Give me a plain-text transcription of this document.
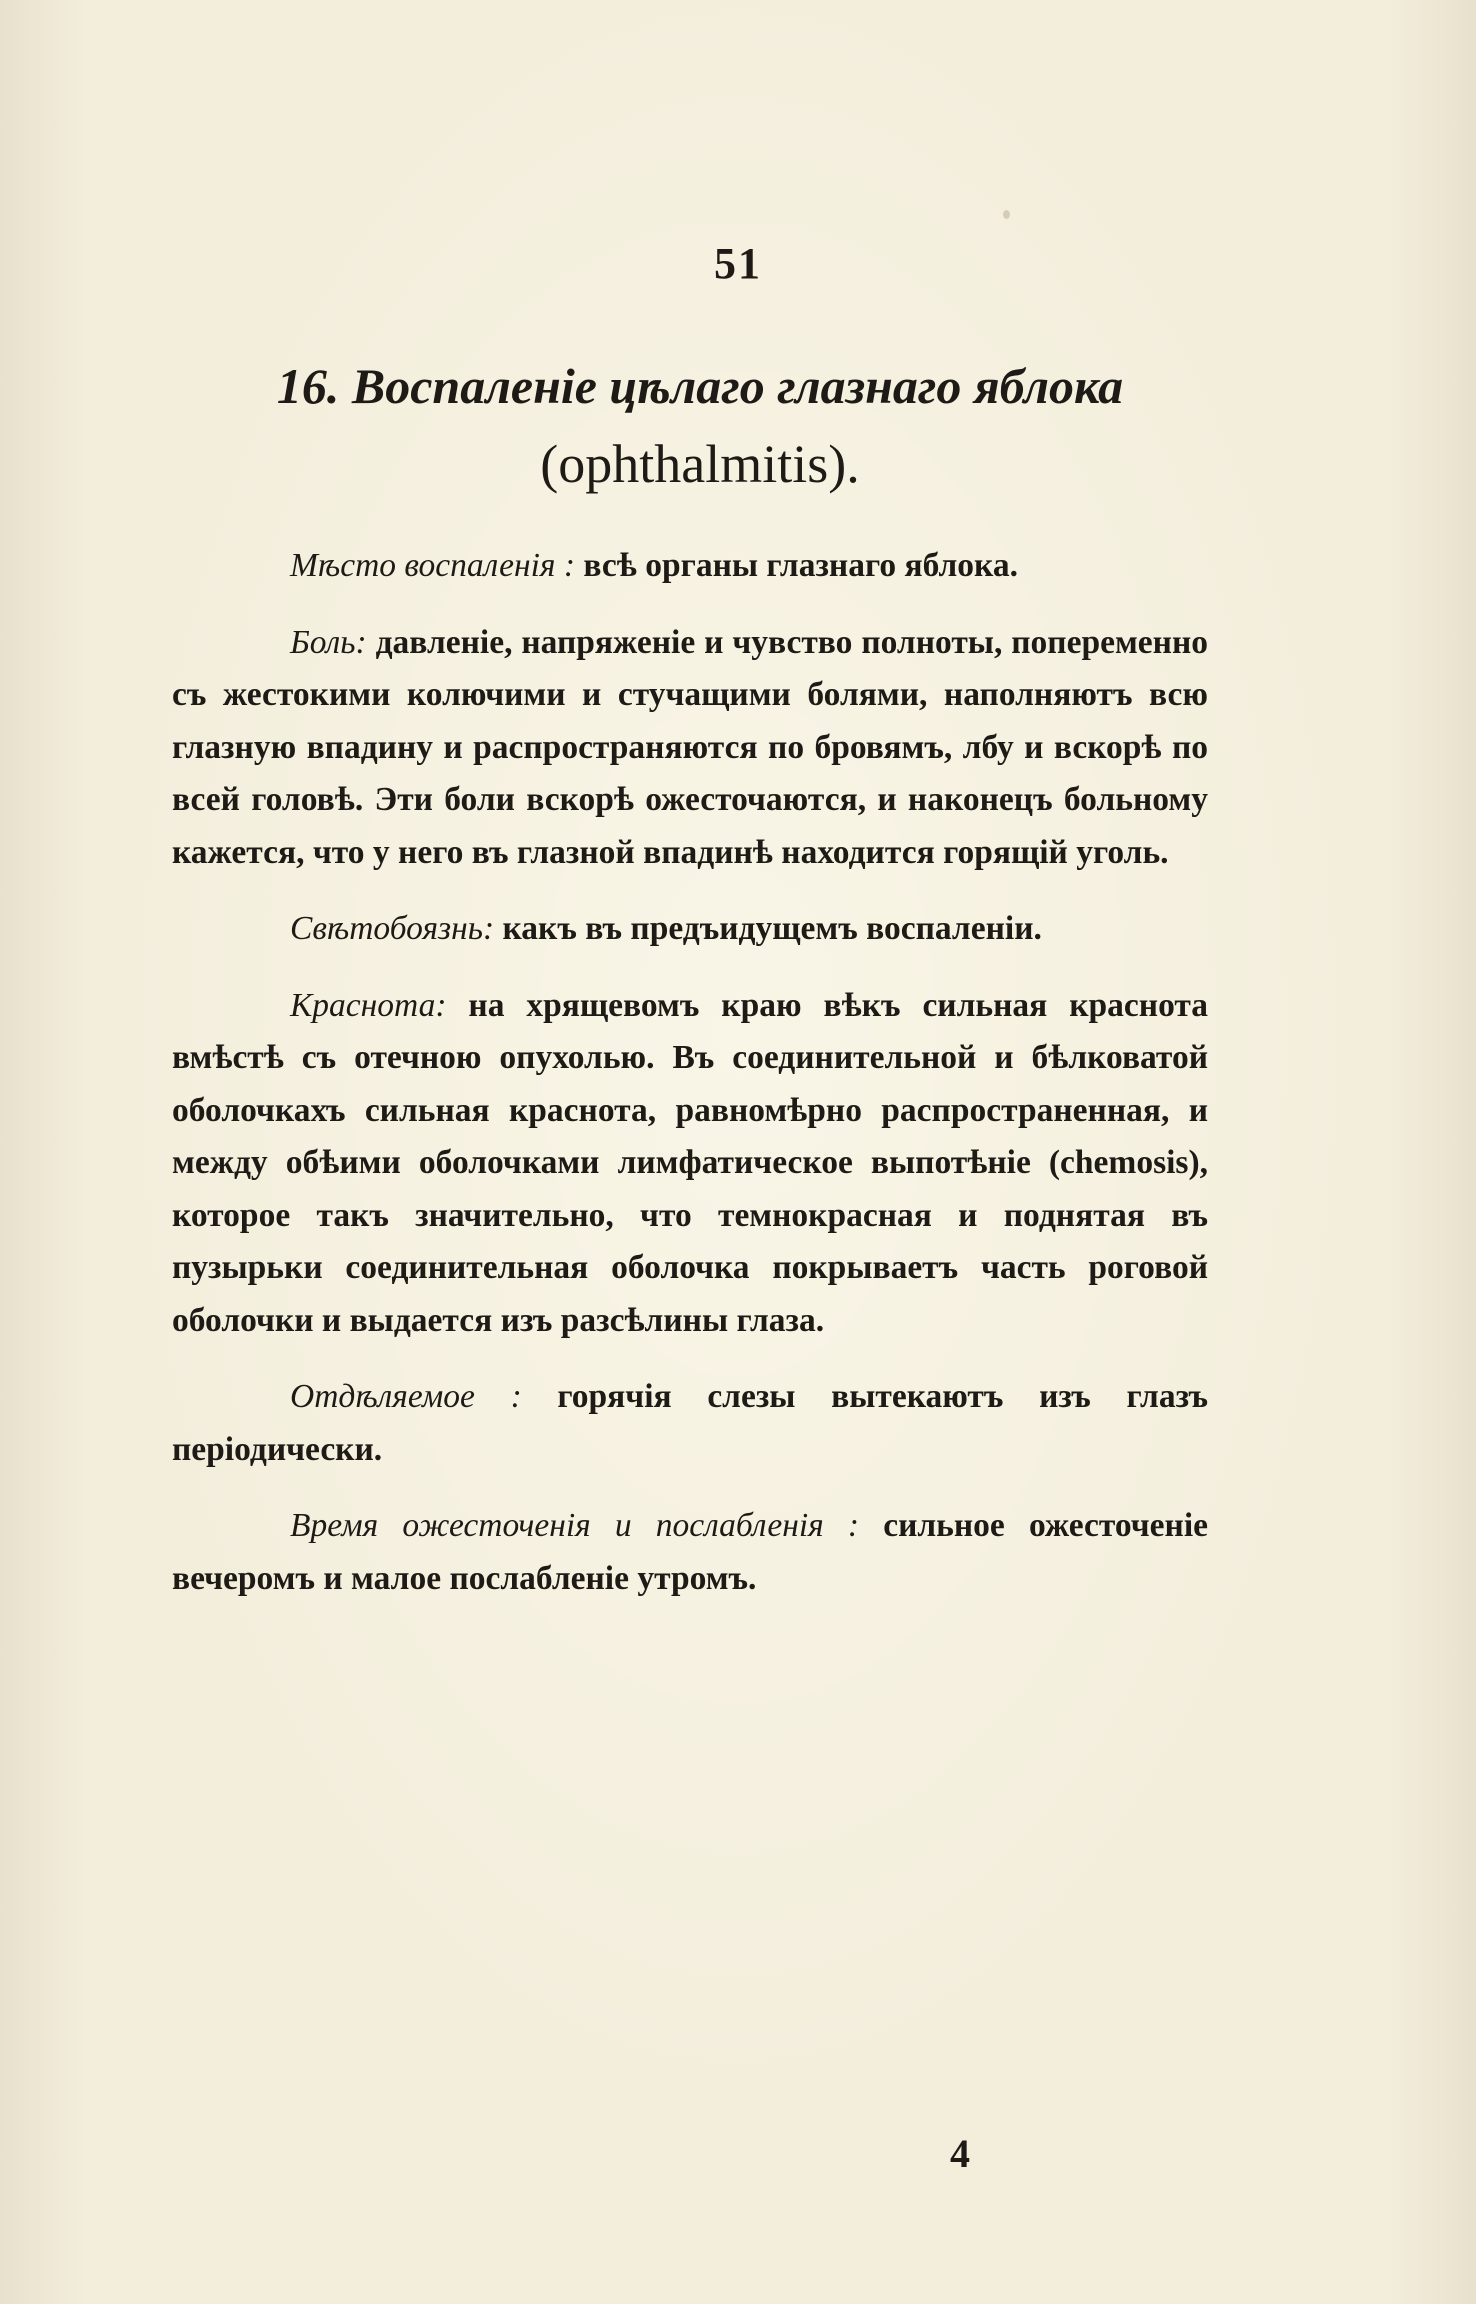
51
16. Воспаленіе цѣлаго глазнаго яблока
(ophthalmitis).

Мѣсто воспаленія : всѣ органы глазнаго яблока.

Боль: давленіе, напряженіе и чувство полноты, попеременно съ жестокими колючими и стучащими болями, наполняютъ всю глазную впадину и распространяются по бровямъ, лбу и вскорѣ по всей головѣ. Эти боли вскорѣ ожесточаются, и наконецъ больному кажется, что у него въ глазной впадинѣ находится горящій уголь.

Свѣтобоязнь: какъ въ предъидущемъ воспаленіи.

Краснота: на хрящевомъ краю вѣкъ сильная краснота вмѣстѣ съ отечною опухолью. Въ соединительной и бѣлковатой оболочкахъ сильная краснота, равномѣрно распространенная, и между обѣими оболочками лимфатическое выпотѣніе (chemosis), которое такъ значительно, что темнокрасная и поднятая въ пузырьки соединительная оболочка покрываетъ часть роговой оболочки и выдается изъ разсѣлины глаза.

Отдѣляемое : горячія слезы вытекаютъ изъ глазъ періодически.

Время ожесточенія и послабленія : сильное ожесточеніе вечеромъ и малое послабленіе утромъ.

4
